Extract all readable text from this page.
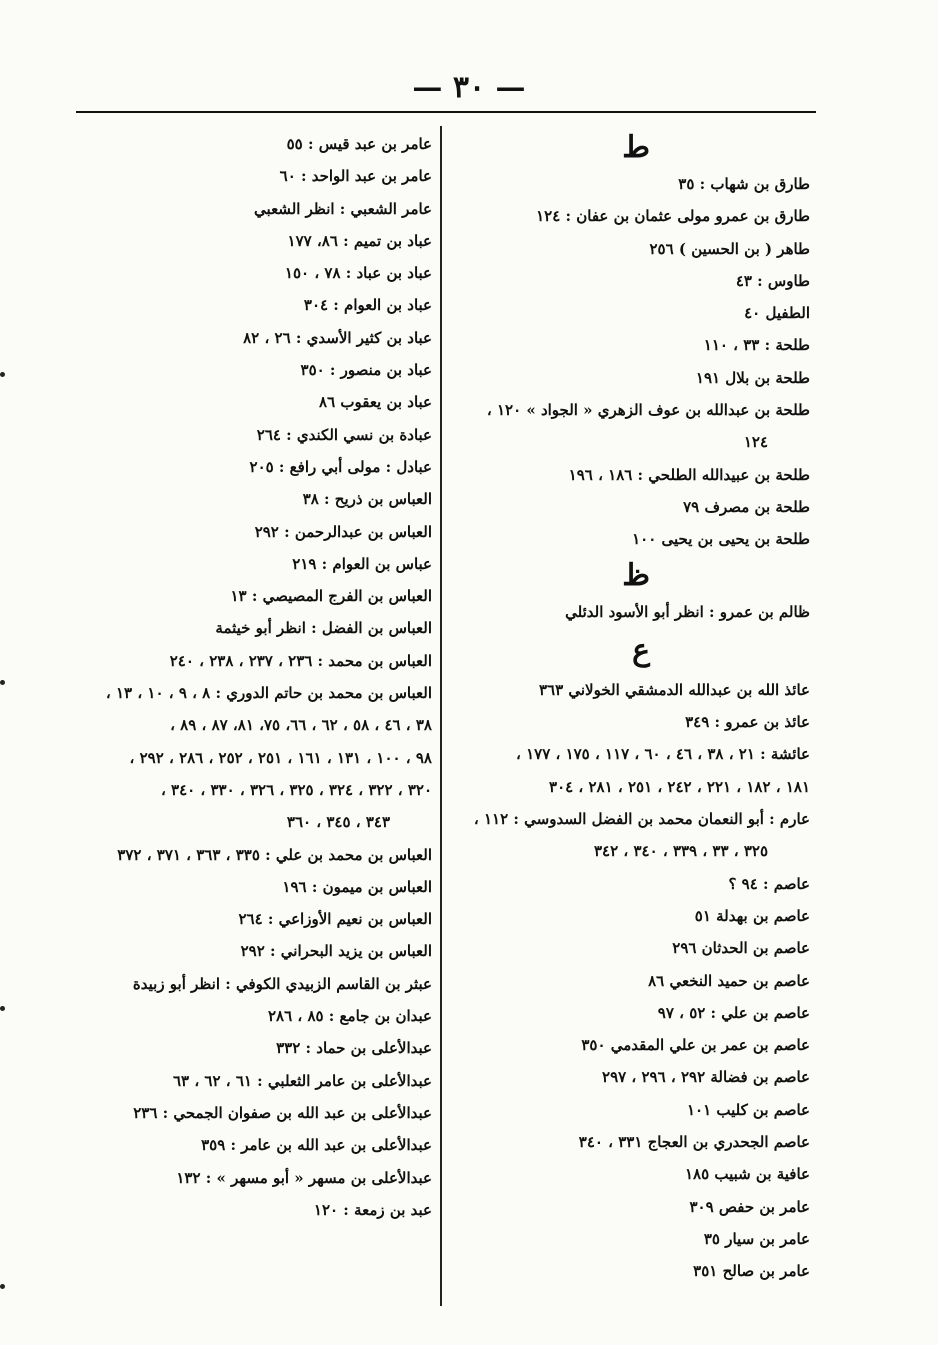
— ٣٠ —
ط
طارق بن شهاب : ٣٥
طارق بن عمرو مولى عثمان بن عفان : ١٢٤
طاهر ( بن الحسين ) ٢٥٦
طاوس : ٤٣
الطفيل ٤٠
طلحة : ٣٣ ، ١١٠
طلحة بن بلال ١٩١
طلحة بن عبدالله بن عوف الزهري « الجواد » ١٢٠ ،
١٢٤
طلحة بن عبيدالله الطلحي : ١٨٦ ، ١٩٦
طلحة بن مصرف ٧٩
طلحة بن يحيى بن يحيى ١٠٠
ظ
ظالم بن عمرو : انظر أبو الأسود الدئلي
ع
عائذ الله بن عبدالله الدمشقي الخولاني ٣٦٣
عائذ بن عمرو : ٣٤٩
عائشة : ٢١ ، ٣٨ ، ٤٦ ، ٦٠ ، ١١٧ ، ١٧٥ ، ١٧٧ ،
١٨١ ، ١٨٢ ، ٢٢١ ، ٢٤٢ ، ٢٥١ ، ٢٨١ ، ٣٠٤
عارم : أبو النعمان محمد بن الفضل السدوسي : ١١٢ ،
٣٢٥ ، ٣٣ ، ٣٣٩ ، ٣٤٠ ، ٣٤٢
عاصم : ٩٤ ؟
عاصم بن بهدلة ٥١
عاصم بن الحدثان ٢٩٦
عاصم بن حميد النخعي ٨٦
عاصم بن علي : ٥٢ ، ٩٧
عاصم بن عمر بن علي المقدمي ٣٥٠
عاصم بن فضالة ٢٩٢ ، ٢٩٦ ، ٢٩٧
عاصم بن كليب ١٠١
عاصم الجحدري بن العجاج ٣٣١ ، ٣٤٠
عافية بن شبيب ١٨٥
عامر بن حفص ٣٠٩
عامر بن سيار ٣٥
عامر بن صالح ٣٥١
عامر بن عبد قيس : ٥٥
عامر بن عبد الواحد : ٦٠
عامر الشعبي : انظر الشعبي
عباد بن تميم : ٨٦، ١٧٧
عباد بن عباد : ٧٨ ، ١٥٠
عباد بن العوام : ٣٠٤
عباد بن كثير الأسدي : ٢٦ ، ٨٢
عباد بن منصور : ٣٥٠
عباد بن يعقوب ٨٦
عبادة بن نسي الكندي : ٢٦٤
عبادل : مولى أبي رافع : ٢٠٥
العباس بن ذريح : ٣٨
العباس بن عبدالرحمن : ٢٩٢
عباس بن العوام : ٢١٩
العباس بن الفرج المصيصي : ١٣
العباس بن الفضل : انظر أبو خيثمة
العباس بن محمد : ٢٣٦ ، ٢٣٧ ، ٢٣٨ ، ٢٤٠
العباس بن محمد بن حاتم الدوري : ٨ ، ٩ ، ١٠ ، ١٣ ،
٣٨ ، ٤٦ ، ٥٨ ، ٦٢ ، ٦٦، ٧٥، ٨١، ٨٧ ، ٨٩ ،
٩٨ ، ١٠٠ ، ١٣١ ، ١٦١ ، ٢٥١ ، ٢٥٢ ، ٢٨٦ ، ٢٩٢ ،
٣٢٠ ، ٣٢٢ ، ٣٢٤ ، ٣٢٥ ، ٣٢٦ ، ٣٣٠ ، ٣٤٠ ،
٣٤٣ ، ٣٤٥ ، ٣٦٠
العباس بن محمد بن علي : ٣٣٥ ، ٣٦٣ ، ٣٧١ ، ٣٧٢
العباس بن ميمون : ١٩٦
العباس بن نعيم الأوزاعي : ٢٦٤
العباس بن يزيد البحراني : ٢٩٢
عبثر بن القاسم الزبيدي الكوفي : انظر أبو زبيدة
عبدان بن جامع : ٨٥ ، ٢٨٦
عبدالأعلى بن حماد : ٣٣٢
عبدالأعلى بن عامر الثعلبي : ٦١ ، ٦٢ ، ٦٣
عبدالأعلى بن عبد الله بن صفوان الجمحي : ٢٣٦
عبدالأعلى بن عبد الله بن عامر : ٣٥٩
عبدالأعلى بن مسهر « أبو مسهر » : ١٣٢
عبد بن زمعة : ١٢٠
